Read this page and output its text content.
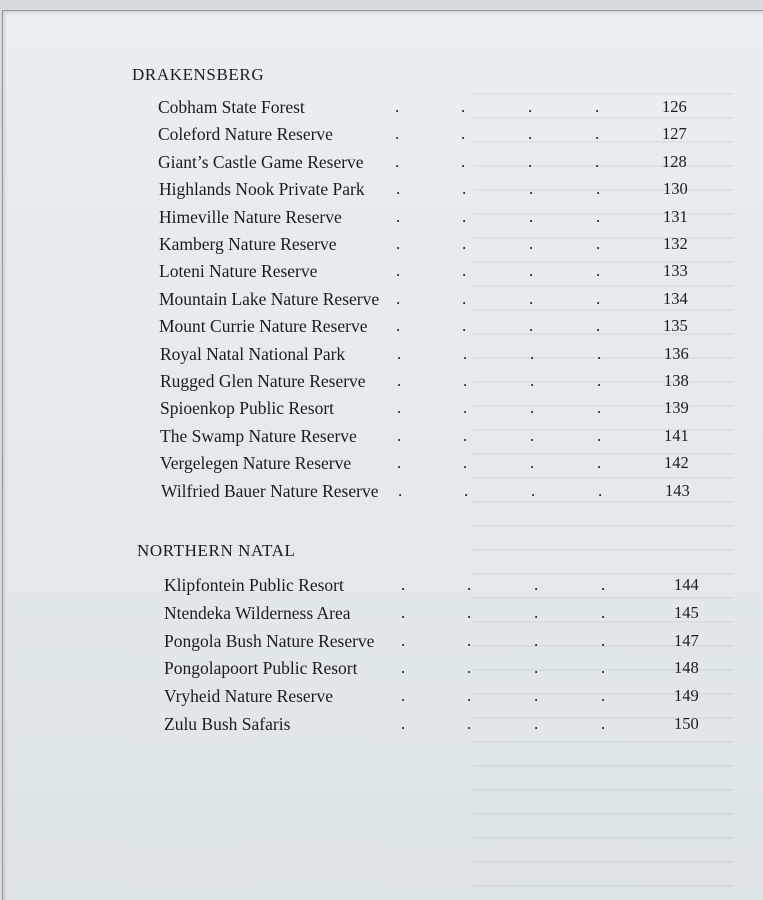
DRAKENSBERG
NORTHERN NATAL
Cobham State Forest	.	.	.	.	126
Coleford Nature Reserve	.	.	.	.	127
Giant’s Castle Game Reserve .	.	.	.	128
Highlands Nook Private Park .	.	.	.	130
Himeville Nature Reserve	.	.	.	.	131
Kamberg Nature Reserve	.	.	.	.	132
Loteni Nature Reserve	.	.	.	.	133
Mountain Lake Nature Reserve .	.	.	.	134
Mount Currie Nature Reserve .	.	.	.	135
Royal Natal National Park	.	.	.	.	136
Rugged Glen Nature Reserve .	.	.	.	138
Spioenkop Public Resort	.	.	.	.	139
The Swamp Nature Reserve .	.	.	.	141
Vergelegen Nature Reserve	.	.	.	.	142
Wilfried Bauer Nature Reserve .	.	.	.	143
Klipfontein Public Resort	.	.	.	.	144
Ntendeka Wilderness Area	.	.	.	.	145
Pongola Bush Nature Reserve .	.	.	.	147
Pongolapoort Public Resort	.	.	.	.	148
Vryheid Nature Reserve	.	.	.	.	149
Zulu Bush Safaris	.	.	.	.	150
